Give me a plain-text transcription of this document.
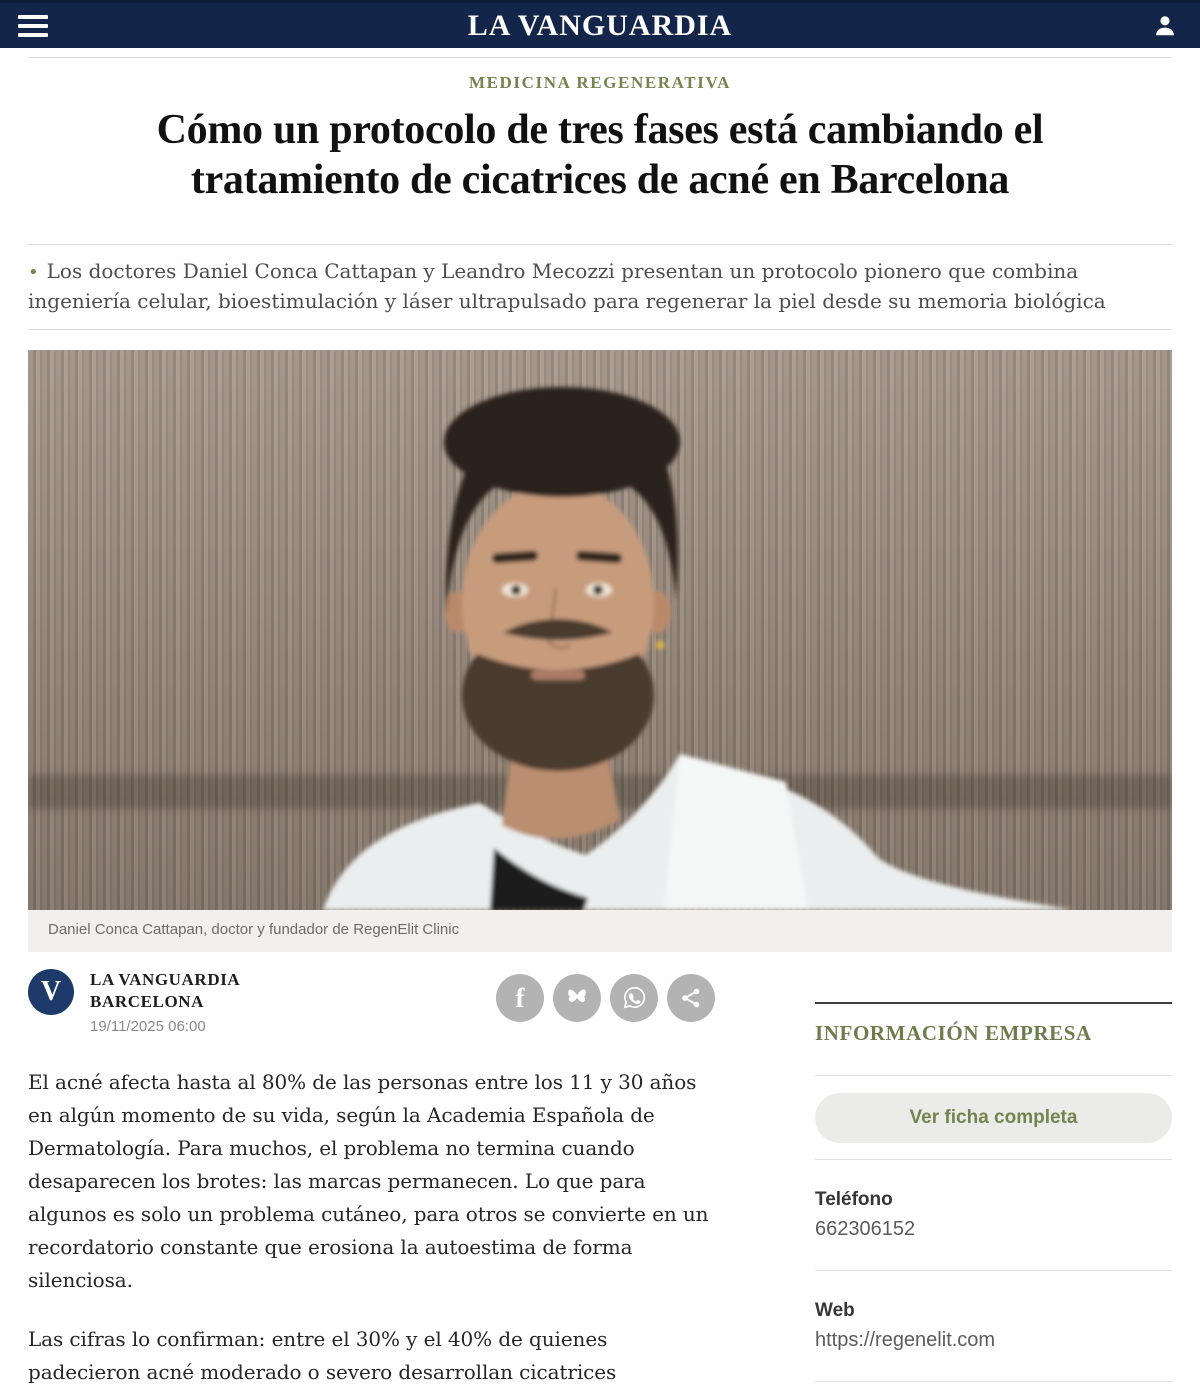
LA VANGUARDIA
MEDICINA REGENERATIVA
Cómo un protocolo de tres fases está cambiando el tratamiento de cicatrices de acné en Barcelona

• Los doctores Daniel Conca Cattapan y Leandro Mecozzi presentan un protocolo pionero que combina ingeniería celular, bioestimulación y láser ultrapulsado para regenerar la piel desde su memoria biológica

Daniel Conca Cattapan, doctor y fundador de RegenElit Clinic
V	LA VANGUARDIA
BARCELONA
19/11/2025 06:00
f

El acné afecta hasta al 80% de las personas entre los 11 y 30 años en algún momento de su vida, según la Academia Española de Dermatología. Para muchos, el problema no termina cuando desaparecen los brotes: las marcas permanecen. Lo que para algunos es solo un problema cutáneo, para otros se convierte en un recordatorio constante que erosiona la autoestima de forma silenciosa.

Las cifras lo confirman: entre el 30% y el 40% de quienes padecieron acné moderado o severo desarrollan cicatrices

INFORMACIÓN EMPRESA
Ver ficha completa
Teléfono
662306152
Web
https://regenelit.com
